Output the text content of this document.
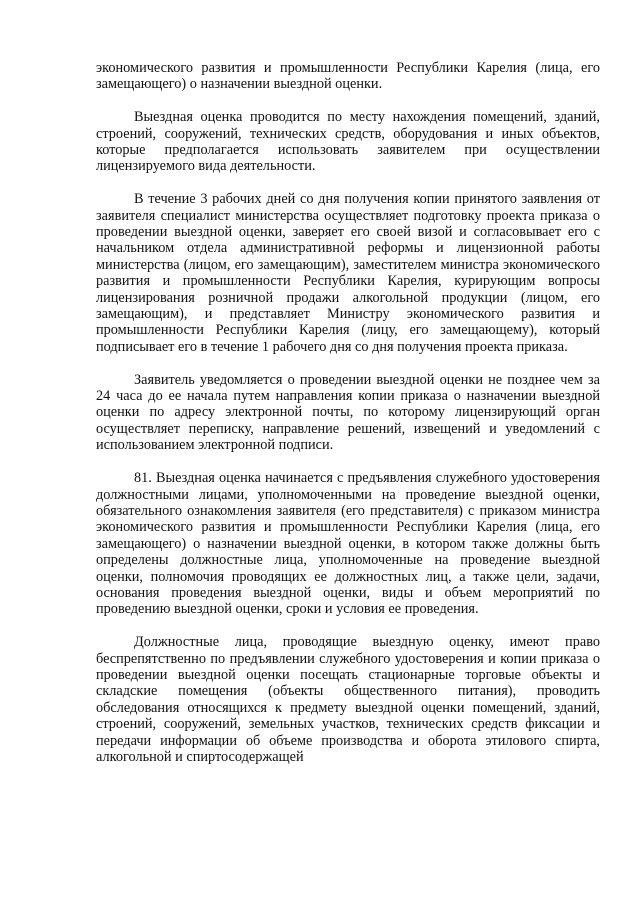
экономического развития и промышленности Республики Карелия (лица, его замещающего) о назначении выездной оценки.

Выездная оценка проводится по месту нахождения помещений, зданий, строений, сооружений, технических средств, оборудования и иных объектов, которые предполагается использовать заявителем при осуществлении лицензируемого вида деятельности.

В течение 3 рабочих дней со дня получения копии принятого заявления от заявителя специалист министерства осуществляет подготовку проекта приказа о проведении выездной оценки, заверяет его своей визой и согласовывает его с начальником отдела административной реформы и лицензионной работы министерства (лицом, его замещающим), заместителем министра экономического развития и промышленности Республики Карелия, курирующим вопросы лицензирования розничной продажи алкогольной продукции (лицом, его замещающим), и представляет Министру экономического развития и промышленности Республики Карелия (лицу, его замещающему), который подписывает его в течение 1 рабочего дня со дня получения проекта приказа.

Заявитель уведомляется о проведении выездной оценки не позднее чем за 24 часа до ее начала путем направления копии приказа о назначении выездной оценки по адресу электронной почты, по которому лицензирующий орган осуществляет переписку, направление решений, извещений и уведомлений с использованием электронной подписи.

81. Выездная оценка начинается с предъявления служебного удостоверения должностными лицами, уполномоченными на проведение выездной оценки, обязательного ознакомления заявителя (его представителя) с приказом министра экономического развития и промышленности Республики Карелия (лица, его замещающего) о назначении выездной оценки, в котором также должны быть определены должностные лица, уполномоченные на проведение выездной оценки, полномочия проводящих ее должностных лиц, а также цели, задачи, основания проведения выездной оценки, виды и объем мероприятий по проведению выездной оценки, сроки и условия ее проведения.

Должностные лица, проводящие выездную оценку, имеют право беспрепятственно по предъявлении служебного удостоверения и копии приказа о проведении выездной оценки посещать стационарные торговые объекты и складские помещения (объекты общественного питания), проводить обследования относящихся к предмету выездной оценки помещений, зданий, строений, сооружений, земельных участков, технических средств фиксации и передачи информации об объеме производства и оборота этилового спирта, алкогольной и спиртосодержащей
